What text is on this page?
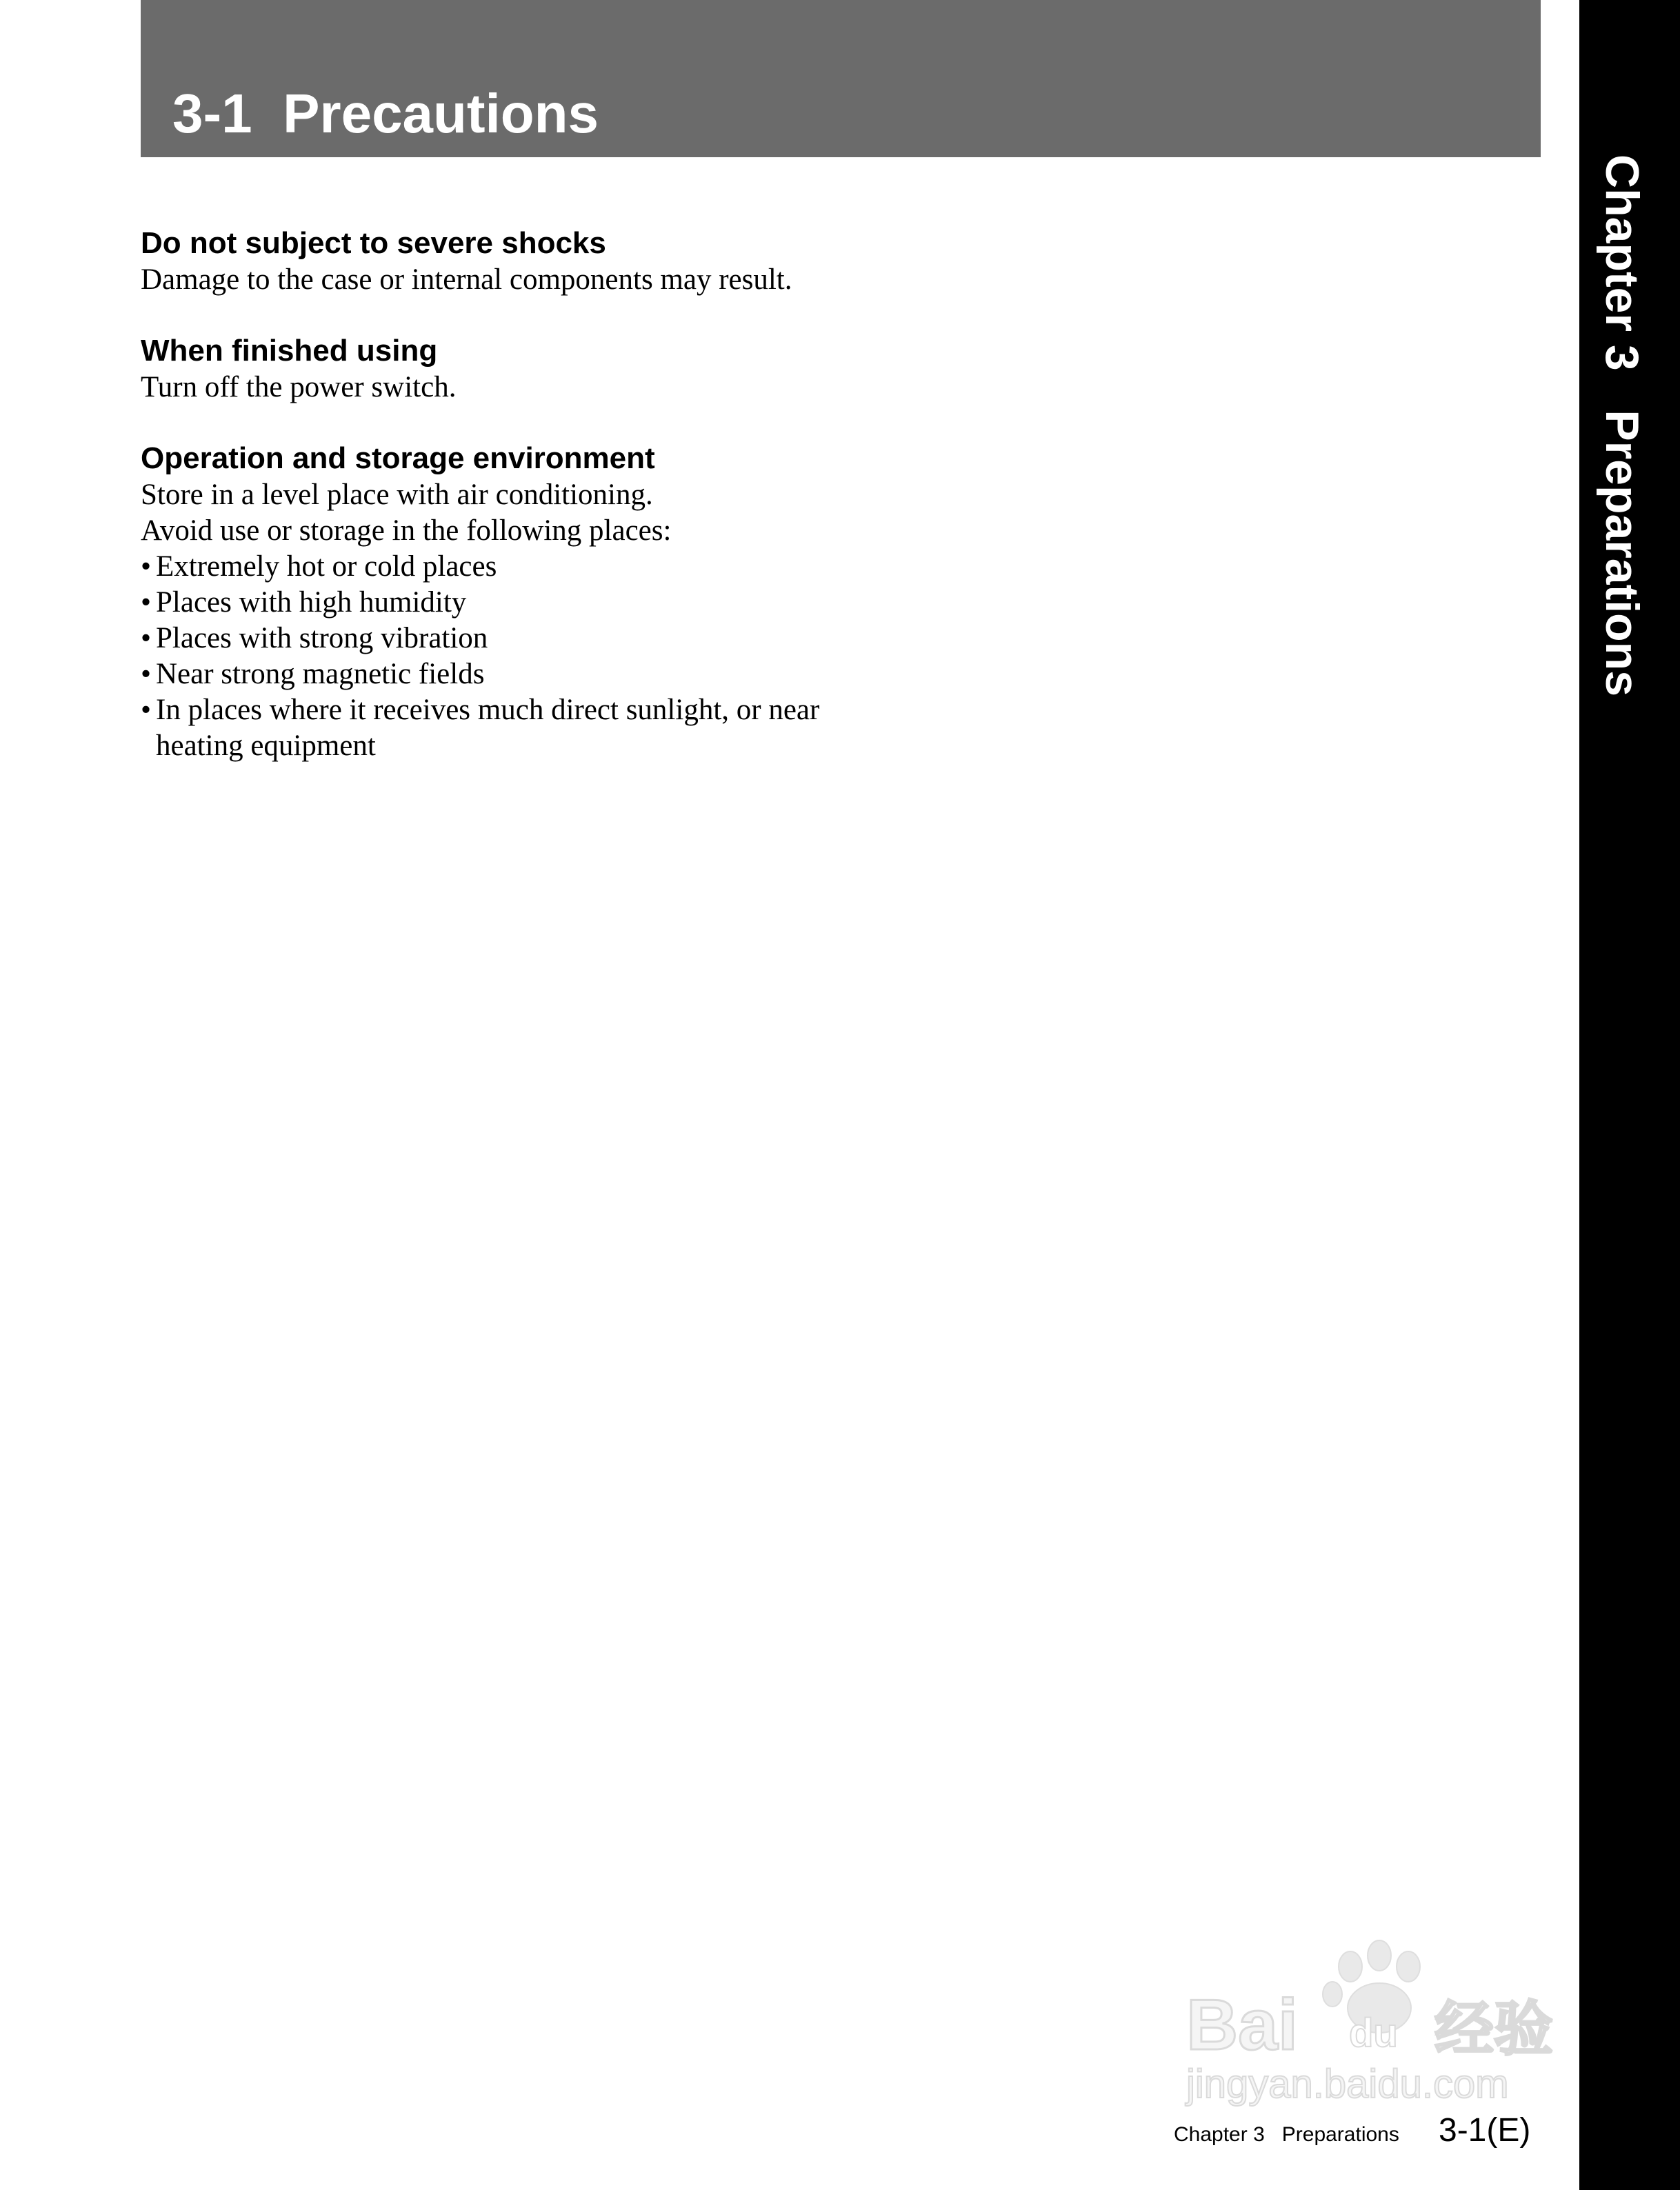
3-1  Precautions
Chapter 3   Preparations
Do not subject to severe shocks

Damage to the case or internal components may result.

When finished using

Turn off the power switch.

Operation and storage environment

Store in a level place with air conditioning.

Avoid use or storage in the following places:

• Extremely hot or cold places
• Places with high humidity
• Places with strong vibration
• Near strong magnetic fields
• In places where it receives much direct sunlight, or near heating equipment
Bai du 经验
jingyan.baidu.com
Chapter 3   Preparations 3-1(E)
